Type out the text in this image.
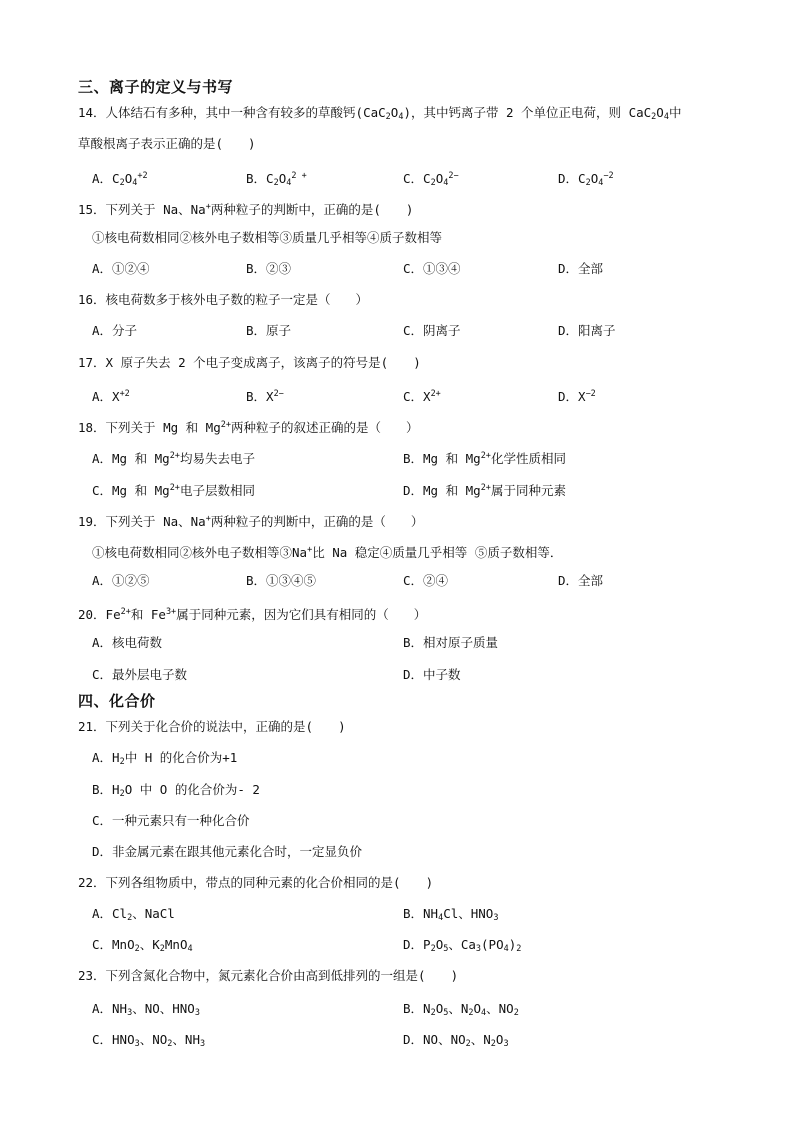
三、离子的定义与书写
14．人体结石有多种，其中一种含有较多的草酸钙$(CaC_2O_4)$，其中钙离子带 2 个单位正电荷，则 $CaC_2O_4$中
草酸根离子表示正确的是(　　)
A．$C_2O_4^{+2}$	B．$C_2O_4^{2 +}$	C．$C_2O_4^{2-}$	D．$C_2O_4^{-2}$
15．下列关于 Na、Na+两种粒子的判断中，正确的是(　　)
①核电荷数相同②核外电子数相等③质量几乎相等④质子数相等
A．①②④	B．②③	C．①③④	D．全部
16．核电荷数多于核外电子数的粒子一定是（　　）
A．分子	B．原子	C．阴离子	D．阳离子
17．X 原子失去 2 个电子变成离子，该离子的符号是(　　)
A．$X^{+2}$	B．$X^{2-}$	C．$X^{2+}$	D．$X^{-2}$
18．下列关于 Mg 和 $Mg^{2+}$两种粒子的叙述正确的是（　　）
A．Mg 和 $Mg^{2+}$均易失去电子	B．Mg 和 $Mg^{2+}$化学性质相同
C．Mg 和 $Mg^{2+}$电子层数相同	D．Mg 和 $Mg^{2+}$属于同种元素
19．下列关于 Na、Na+两种粒子的判断中，正确的是（　　）
①核电荷数相同②核外电子数相等③Na+比 Na 稳定④质量几乎相等 ⑤质子数相等．
A．①②⑤	B．①③④⑤	C．②④	D．全部
20．$Fe^{2+}$和 $Fe^{3+}$属于同种元素，因为它们具有相同的（　　）
A．核电荷数	B．相对原子质量
C．最外层电子数	D．中子数
四、化合价
21．下列关于化合价的说法中，正确的是(　　)
A．$H_2$中 H 的化合价为+1
B．$H_2O$ 中 O 的化合价为- 2
C．一种元素只有一种化合价
D．非金属元素在跟其他元素化合时，一定显负价
22．下列各组物质中，带点的同种元素的化合价相同的是(　　)
A．$Cl_2$、NaCl	B．$NH_4Cl$、$HNO_3$
C．MnO$_2$、$K_2MnO_4$	D．$P_2O_5$、$Ca_3(PO_4)_2$
23．下列含氮化合物中，氮元素化合价由高到低排列的一组是(　　)
A．$NH_3$、NO、$HNO_3$	B．$N_2O_5$、$N_2O_4$、$NO_2$
C．$HNO_3$、$NO_2$、$NH_3$	D．NO、$NO_2$、$N_2O_3$
